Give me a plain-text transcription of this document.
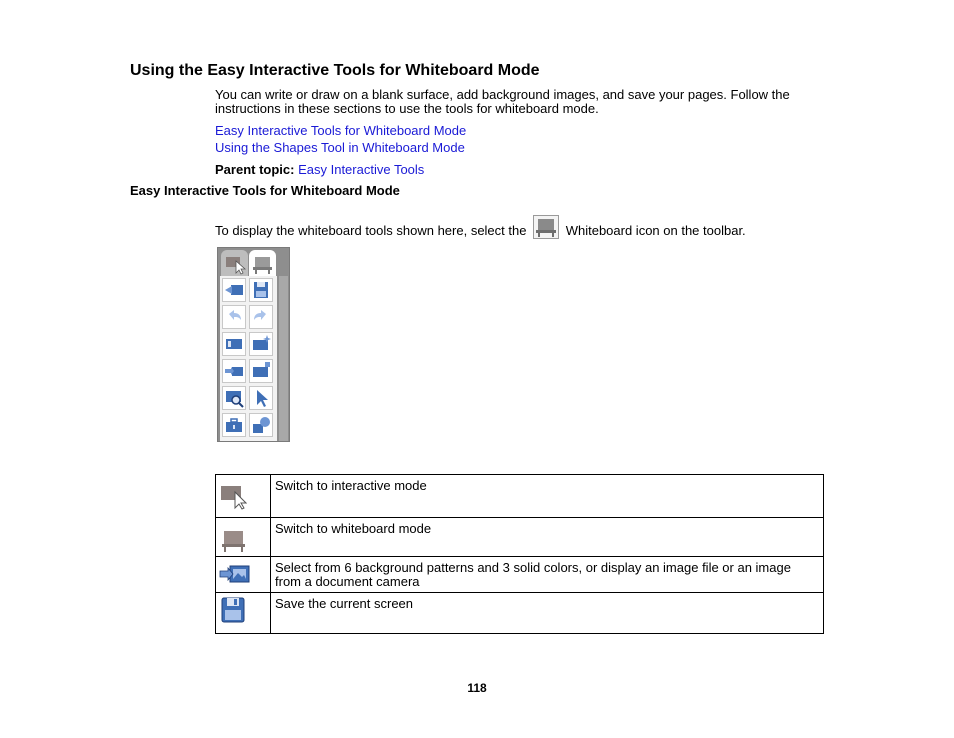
Using the Easy Interactive Tools for Whiteboard Mode
You can write or draw on a blank surface, add background images, and save your pages. Follow the instructions in these sections to use the tools for whiteboard mode.
Easy Interactive Tools for Whiteboard Mode
Using the Shapes Tool in Whiteboard Mode
Parent topic: Easy Interactive Tools
Easy Interactive Tools for Whiteboard Mode
To display the whiteboard tools shown here, select the	Whiteboard icon on the toolbar.
	Switch to interactive mode

	Switch to whiteboard mode

	Select from 6 background patterns and 3 solid colors, or display an image file or an image from a document camera

	Save the current screen
118
